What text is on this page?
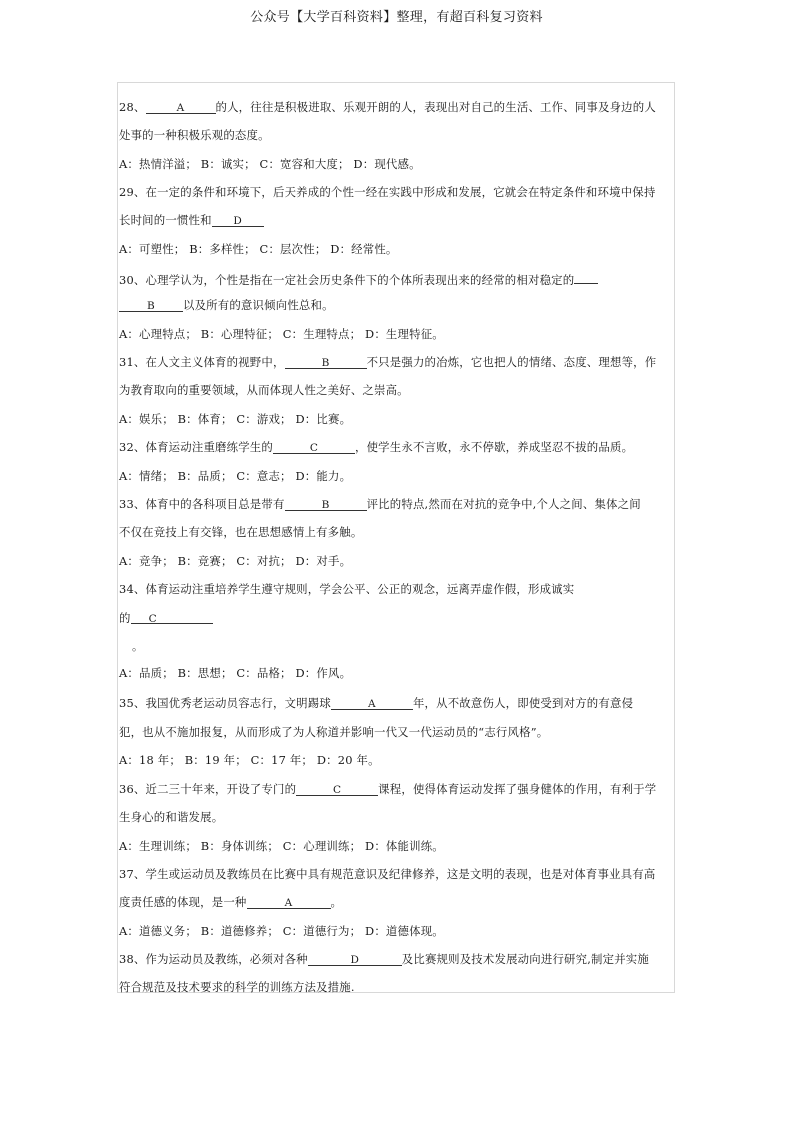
公众号【大学百科资料】整理，有超百科复习资料
28、	A	的人，往往是积极进取、乐观开朗的人，表现出对自己的生活、工作、同事及身边的人
处事的一种积极乐观的态度。
A：热情洋溢； B：诚实； C：宽容和大度； D：现代感。
29、在一定的条件和环境下，后天养成的个性一经在实践中形成和发展，它就会在特定条件和环境中保持
长时间的一惯性和 D
A：可塑性； B：多样性； C：层次性； D：经常性。
30、心理学认为，个性是指在一定社会历史条件下的个体所表现出来的经常的相对稳定的
B 以及所有的意识倾向性总和。
A：心理特点； B：心理特征； C：生理特点； D：生理特征。
31、在人文主义体育的视野中，	B	不只是强力的冶炼，它也把人的情绪、态度、理想等，作
为教育取向的重要领域，从而体现人性之美好、之崇高。
A：娱乐； B：体育； C：游戏； D：比赛。
32、体育运动注重磨练学生的	C	，使学生永不言败，永不停歇，养成坚忍不拔的品质。
A：情绪； B：品质； C：意志； D：能力。
33、体育中的各科项目总是带有	B	评比的特点,然而在对抗的竞争中,个人之间、集体之间
不仅在竞技上有交锋，也在思想感情上有多触。
A：竞争； B：竞赛； C：对抗； D：对手。
34、体育运动注重培养学生遵守规则，学会公平、公正的观念，远离弄虚作假，形成诚实
的 C
。
A：品质； B：思想； C：品格； D：作风。
35、我国优秀老运动员容志行，文明踢球	A	年，从不故意伤人，即使受到对方的有意侵
犯，也从不施加报复，从而形成了为人称道并影响一代又一代运动员的“志行风格”。
A：18 年； B：19 年； C：17 年； D：20 年。
36、近二三十年来，开设了专门的	C	课程，使得体育运动发挥了强身健体的作用，有利于学
生身心的和谐发展。
A：生理训练； B：身体训练； C：心理训练； D：体能训练。
37、学生或运动员及教练员在比赛中具有规范意识及纪律修养，这是文明的表现，也是对体育事业具有高
度责任感的体现，是一种	A	。
A：道德义务； B：道德修养； C：道德行为； D：道德体现。
38、作为运动员及教练，必须对各种	D	及比赛规则及技术发展动向进行研究,制定并实施
符合规范及技术要求的科学的训练方法及措施.
